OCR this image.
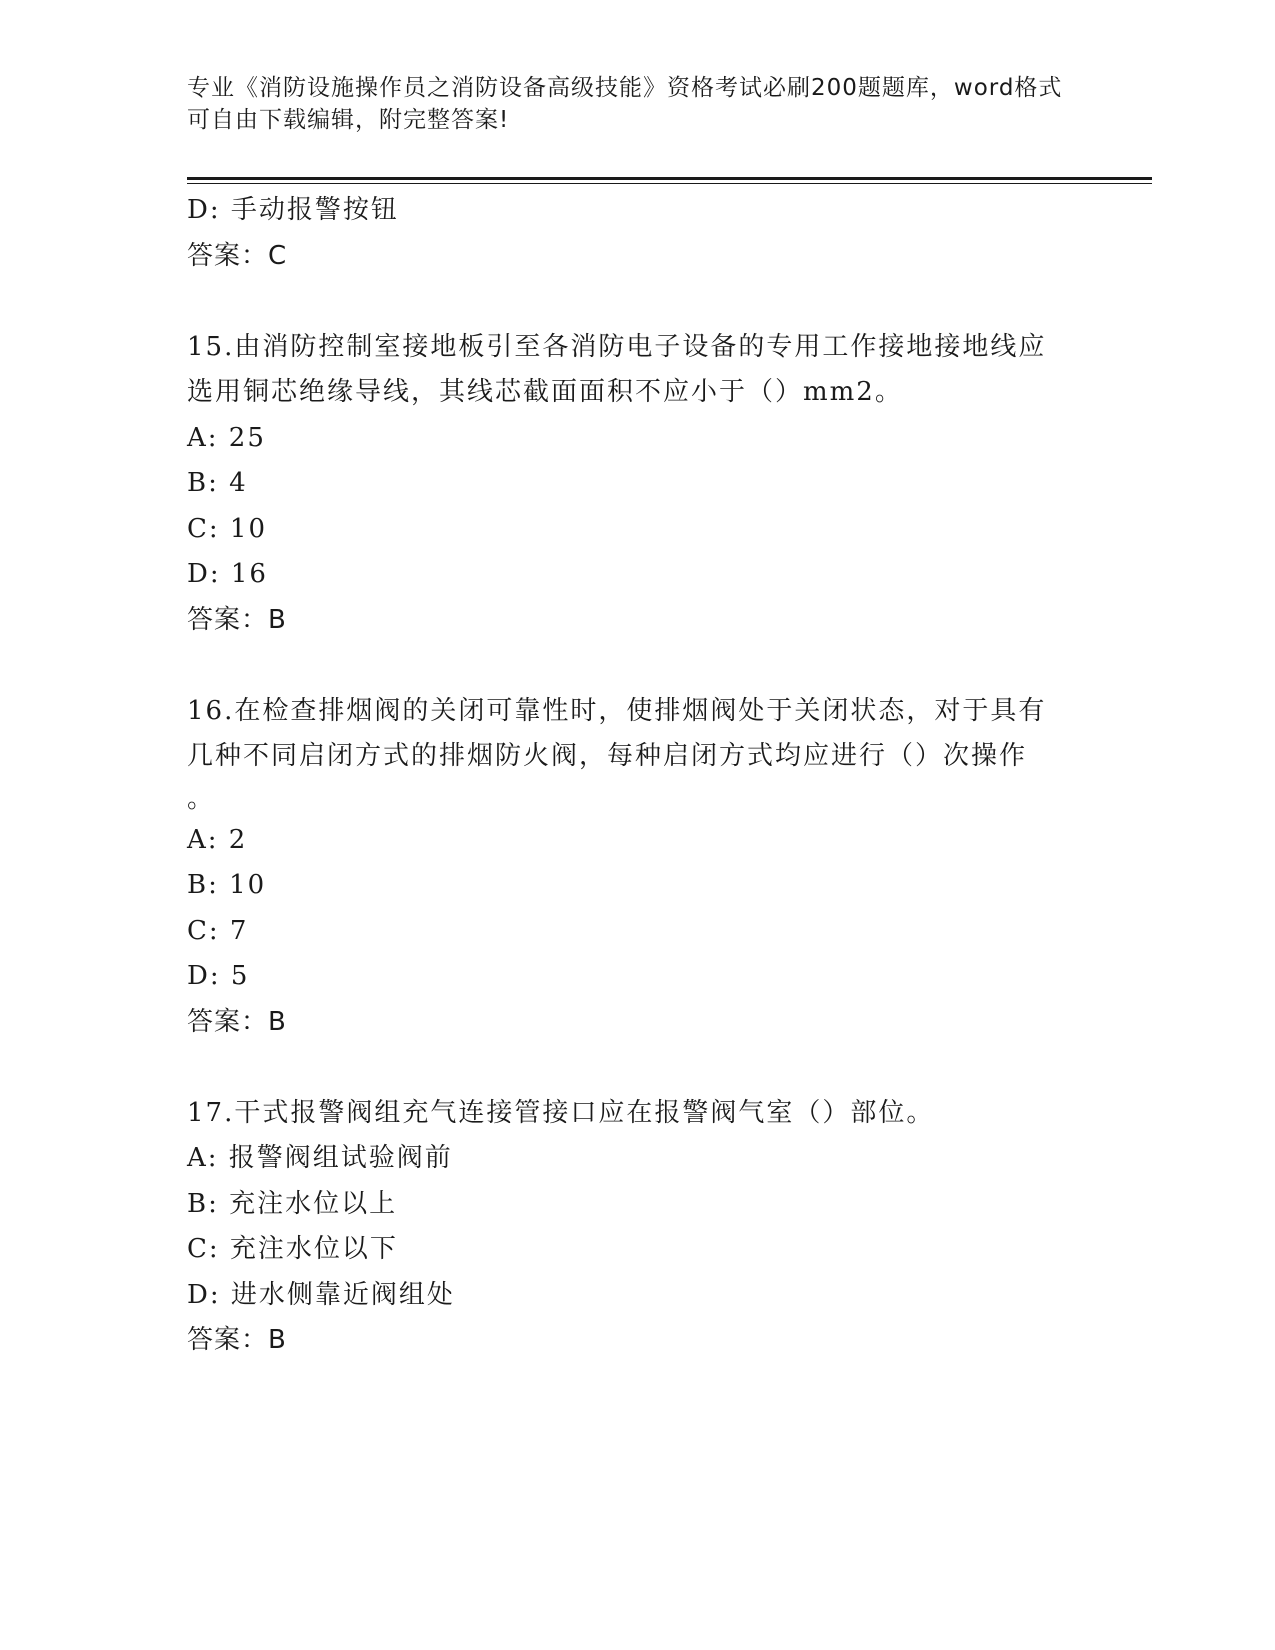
专业《消防设施操作员之消防设备高级技能》资格考试必刷200题题库，word格式可自由下载编辑，附完整答案!
D: 手动报警按钮
答案：C
15.由消防控制室接地板引至各消防电子设备的专用工作接地接地线应
选用铜芯绝缘导线，其线芯截面面积不应小于（）mm2。
A: 25
B: 4
C: 10
D: 16
答案：B
16.在检查排烟阀的关闭可靠性时，使排烟阀处于关闭状态，对于具有
几种不同启闭方式的排烟防火阀，每种启闭方式均应进行（）次操作
。
A: 2
B: 10
C: 7
D: 5
答案：B
17.干式报警阀组充气连接管接口应在报警阀气室（）部位。
A: 报警阀组试验阀前
B: 充注水位以上
C: 充注水位以下
D: 进水侧靠近阀组处
答案：B
